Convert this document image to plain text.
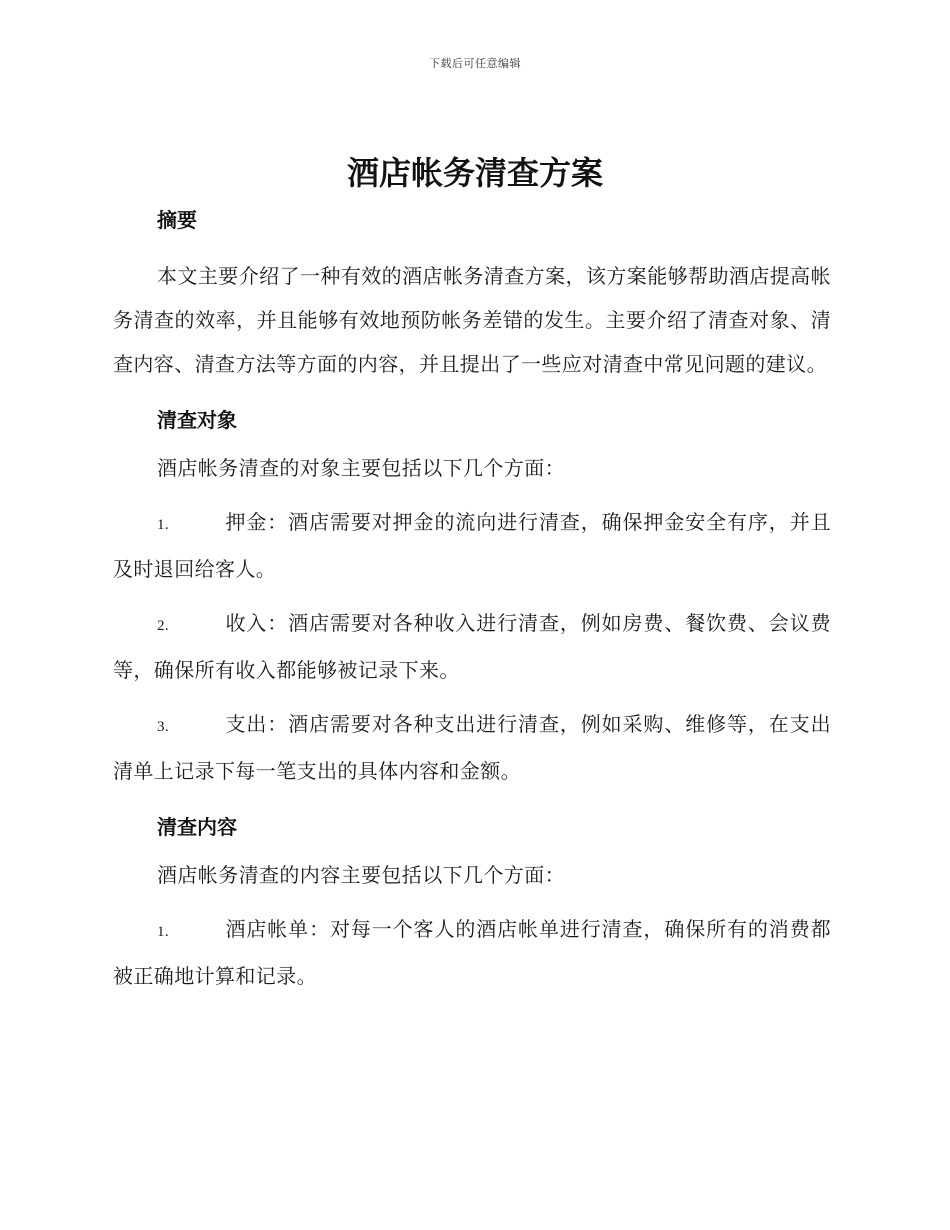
下载后可任意编辑
酒店帐务清查方案
摘要

本文主要介绍了一种有效的酒店帐务清查方案，该方案能够帮助酒店提高帐务清查的效率，并且能够有效地预防帐务差错的发生。主要介绍了清查对象、清查内容、清查方法等方面的内容，并且提出了一些应对清查中常见问题的建议。

清查对象

酒店帐务清查的对象主要包括以下几个方面：

1.	押金：酒店需要对押金的流向进行清查，确保押金安全有序，并且及时退回给客人。

2.	收入：酒店需要对各种收入进行清查，例如房费、餐饮费、会议费等，确保所有收入都能够被记录下来。

3.	支出：酒店需要对各种支出进行清查，例如采购、维修等，在支出清单上记录下每一笔支出的具体内容和金额。

清查内容

酒店帐务清查的内容主要包括以下几个方面：

1.	酒店帐单：对每一个客人的酒店帐单进行清查，确保所有的消费都被正确地计算和记录。
